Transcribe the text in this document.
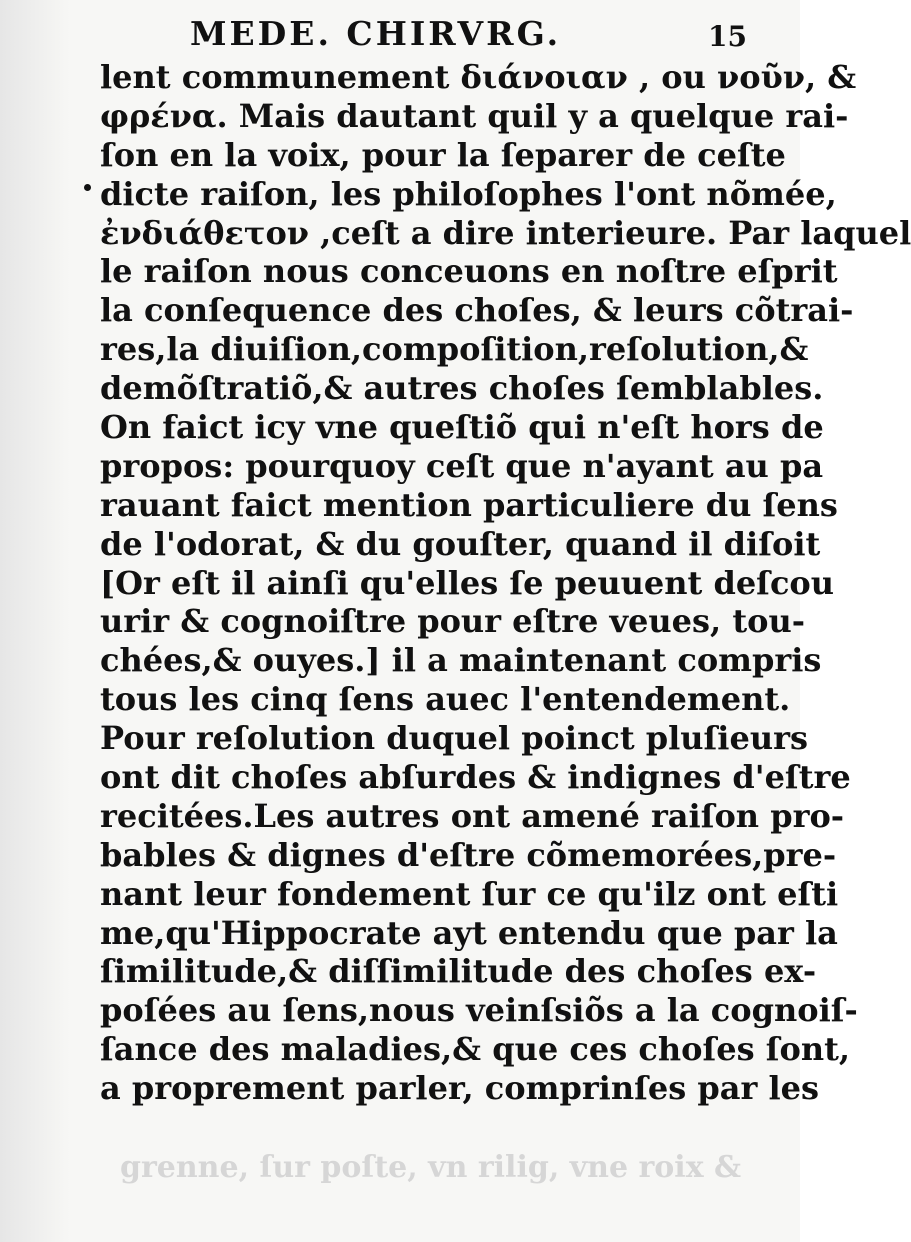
MEDE. CHIRVRG.	15
lent communement διάνοιαν , ou νοῦν, &
φρένα. Mais dautant quil y a quelque rai-
ſon en la voix, pour la ſeparer de ceſte
dicte raiſon, les philoſophes l'ont nõmée,
ἐνδιάθετον ,ceſt a dire interieure. Par laquel
le raiſon nous conceuons en noſtre eſprit
la conſequence des choſes, & leurs cõtrai-
res,la diuiſion,compoſition,reſolution,&
demõſtratiõ,& autres choſes ſemblables.
On faict icy vne queſtiõ qui n'eſt hors de
propos: pourquoy ceſt que n'ayant au pa
rauant faict mention particuliere du ſens
de l'odorat, & du gouſter, quand il diſoit
[Or eſt il ainſi qu'elles ſe peuuent deſcou
urir & cognoiſtre pour eſtre veues, tou-
chées,& ouyes.] il a maintenant compris
tous les cinq ſens auec l'entendement.
Pour reſolution duquel poinct pluſieurs
ont dit choſes abſurdes & indignes d'eſtre
recitées.Les autres ont amené raiſon pro-
bables & dignes d'eſtre cõmemorées,pre-
nant leur fondement ſur ce qu'ilz ont eſti
me,qu'Hippocrate ayt entendu que par la
ſimilitude,& diſſimilitude des choſes ex-
poſées au ſens,nous veinſsiõs a la cognoiſ-
ſance des maladies,& que ces choſes ſont,
a proprement parler, comprinſes par les
grenne, ſur poſte, vn rilig, vne roix &
